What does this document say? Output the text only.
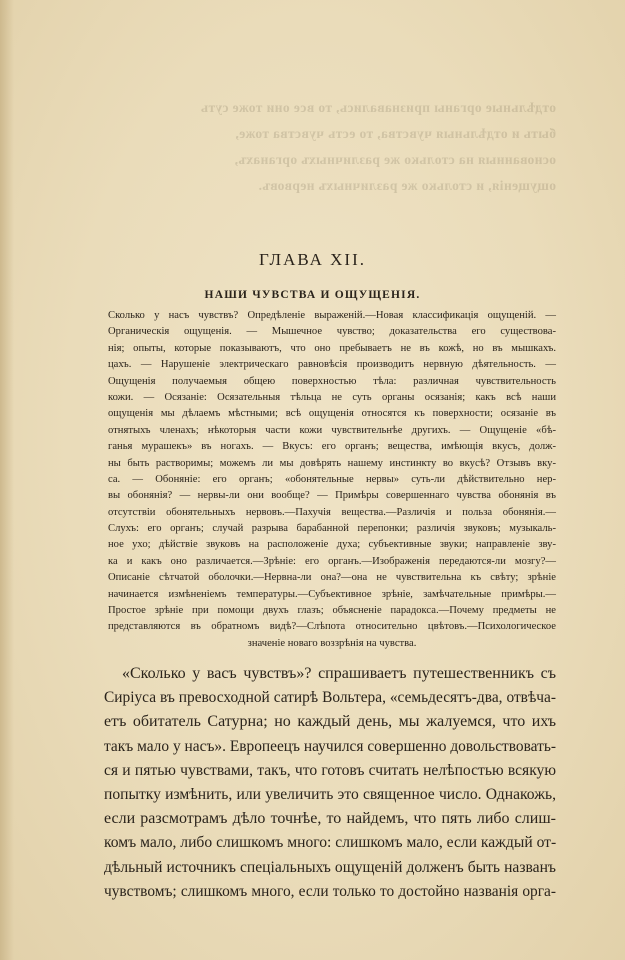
отдѣльные органы признавались, то все они тоже суть
быть и отдѣльныя чувства, то есть чувства тоже,
основанныя на столько же различныхъ органахъ,
ощущенія, и столько же различныхъ нервовъ.
ГЛАВА XII.
НАШИ ЧУВСТВА И ОЩУЩЕНІЯ.
Сколько у насъ чувствъ? Опредѣленіе выраженій.—Новая классификація ощущеній. —
Органическія ощущенія. — Мышечное чувство; доказательства его существова-
нія; опыты, которые показываютъ, что оно пребываетъ не въ кожѣ, но въ мышкахъ.
цахъ. — Нарушеніе электрическаго равновѣсія производитъ нервную дѣятельность. —
Ощущенія получаемыя общею поверхностью тѣла: различная чувствительность
кожи. — Осязаніе: Осязательныя тѣльца не суть органы осязанія; какъ всѣ наши
ощущенія мы дѣлаемъ мѣстными; всѣ ощущенія относятся къ поверхности; осязаніе въ
отнятыхъ членахъ; нѣкоторыя части кожи чувствительнѣе другихъ. — Ощущеніе «бѣ-
ганья мурашекъ» въ ногахъ. — Вкусъ: его органъ; вещества, имѣющія вкусъ, долж-
ны быть растворимы; можемъ ли мы довѣрять нашему инстинкту во вкусѣ? Отзывъ вку-
са. — Обоняніе: его органъ; «обонятельные нервы» суть-ли дѣйствительно нер-
вы обонянія? — нервы-ли они вообще? — Примѣры совершеннаго чувства обонянія въ
отсутствіи обонятельныхъ нервовъ.—Пахучія вещества.—Различія и польза обонянія.—
Слухъ: его органъ; случай разрыва барабанной перепонки; различія звуковъ; музыкаль-
ное ухо; дѣйствіе звуковъ на расположеніе духа; субъективные звуки; направленіе зву-
ка и какъ оно различается.—Зрѣніе: его органъ.—Изображенія передаются-ли мозгу?—
Описаніе сѣтчатой оболочки.—Нервна-ли она?—она не чувствительна къ свѣту; зрѣніе
начинается измѣненіемъ температуры.—Субъективное зрѣніе, замѣчательные примѣры.—
Простое зрѣніе при помощи двухъ глазъ; объясненіе парадокса.—Почему предметы не
представляются въ обратномъ видѣ?—Слѣпота относительно цвѣтовъ.—Психологическое
значеніе новаго воззрѣнія на чувства.
«Сколько у васъ чувствъ»? спрашиваетъ путешественникъ съ
Сиріуса въ превосходной сатирѣ Вольтера, «семьдесятъ-два, отвѣча-
етъ обитатель Сатурна; но каждый день, мы жалуемся, что ихъ
такъ мало у насъ». Европеецъ научился совершенно довольствовать-
ся и пятью чувствами, такъ, что готовъ считать нелѣпостью всякую
попытку измѣнить, или увеличить это священное число. Однакожь,
если разсмотрамъ дѣло точнѣе, то найдемъ, что пять либо слиш-
комъ мало, либо слишкомъ много: слишкомъ мало, если каждый от-
дѣльный источникъ спеціальныхъ ощущеній долженъ быть названъ
чувствомъ; слишкомъ много, если только то достойно названія орга-
